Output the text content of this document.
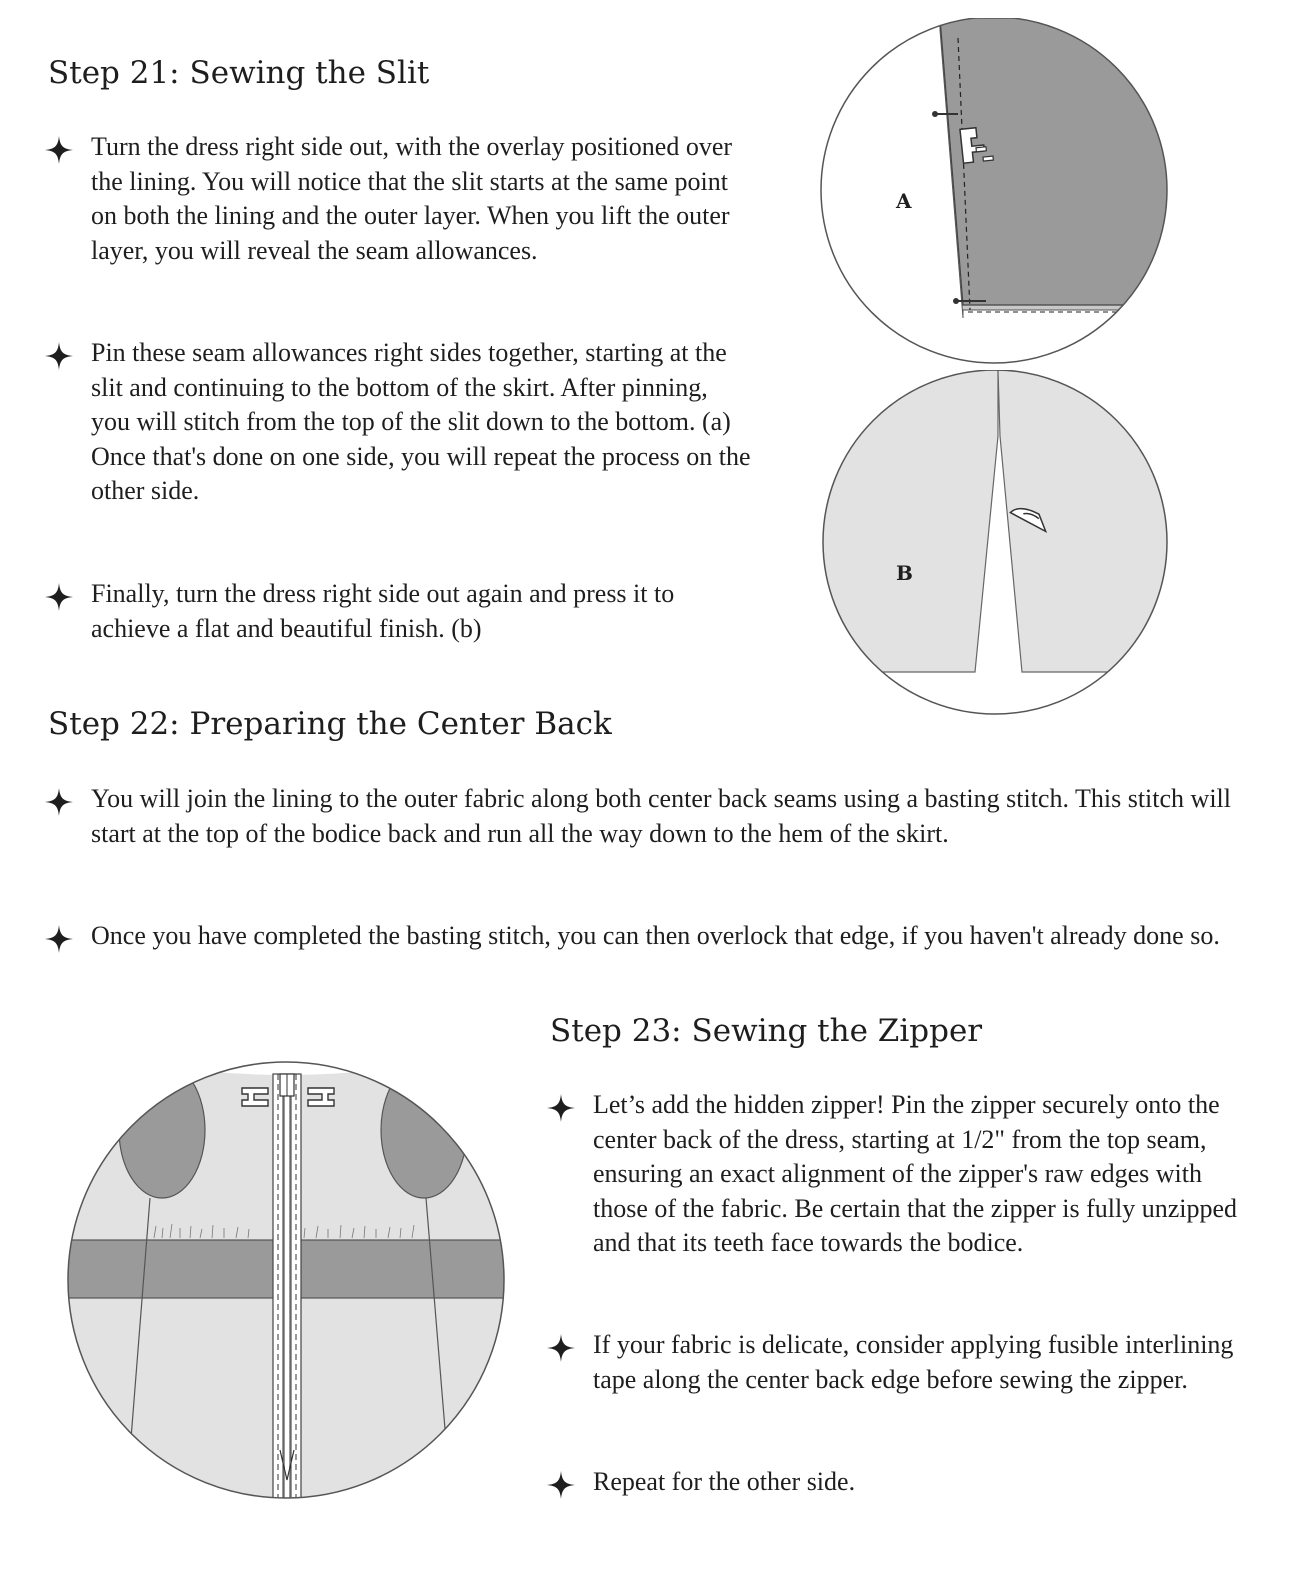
Step 21: Sewing the Slit

Turn the dress right side out, with the overlay positioned over the lining. You will notice that the slit starts at the same point on both the lining and the outer layer. When you lift the outer layer, you will reveal the seam allowances.

Pin these seam allowances right sides together, starting at the slit and continuing to the bottom of the skirt. After pinning, you will stitch from the top of the slit down to the bottom. (a) Once that's done on one side, you will repeat the process on the other side.

Finally, turn the dress right side out again and press it to achieve a flat and beautiful finish. (b)

A
B
Step 22: Preparing the Center Back

You will join the lining to the outer fabric along both center back seams using a basting stitch. This stitch will start at the top of the bodice back and run all the way down to the hem of the skirt.

Once you have completed the basting stitch, you can then overlock that edge, if you haven't already done so.

Step 23: Sewing the Zipper

Let’s add the hidden zipper! Pin the zipper securely onto the center back of the dress, starting at 1/2" from the top seam, ensuring an exact alignment of the zipper's raw edges with those of the fabric. Be certain that the zipper is fully unzipped and that its teeth face towards the bodice.

If your fabric is delicate, consider applying fusible interlining tape along the center back edge before sewing the zipper.

Repeat for the other side.
